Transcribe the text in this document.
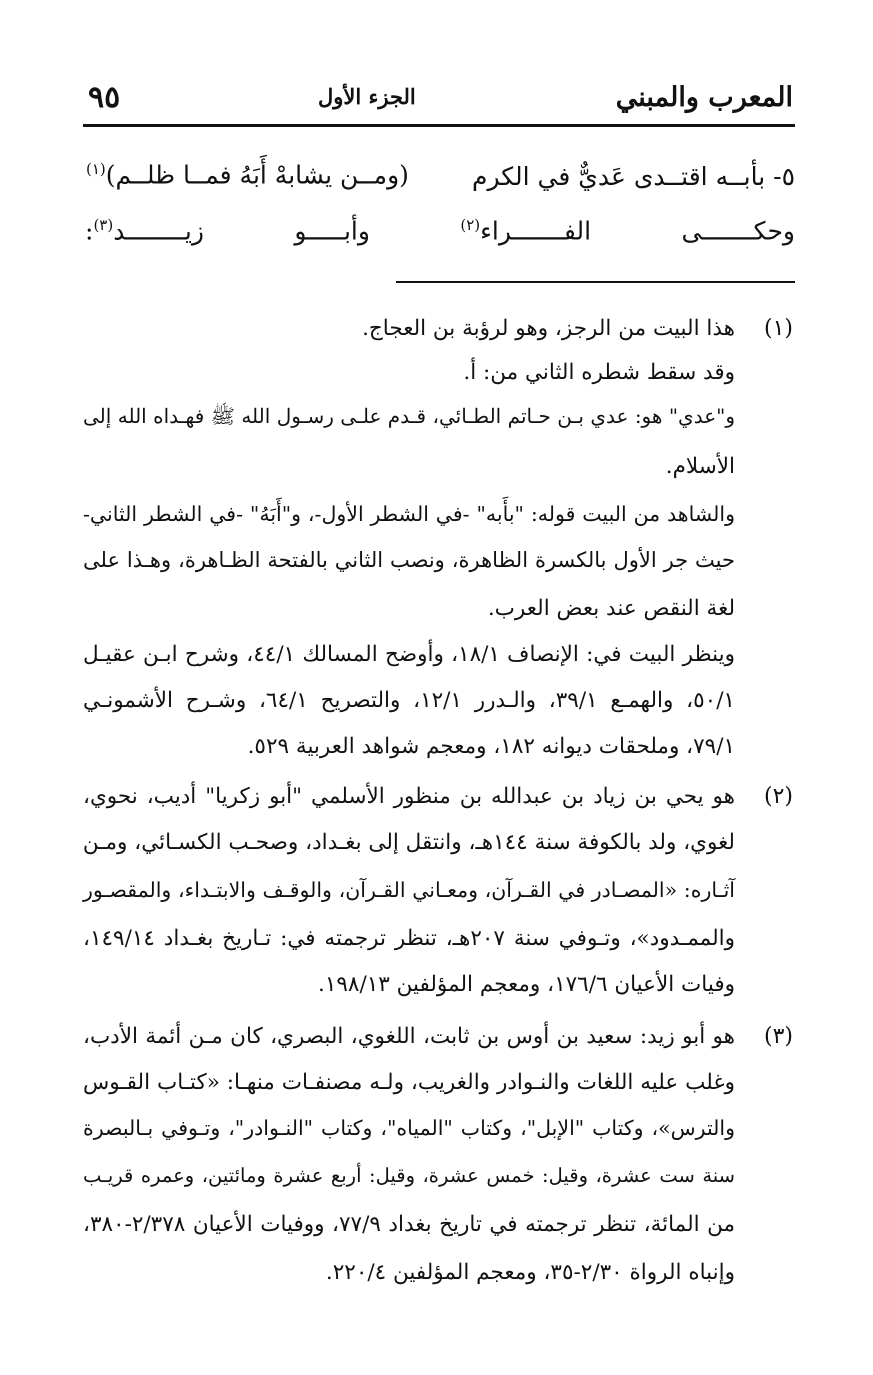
المعرب والمبني
الجزء الأول
٩٥
٥- بأبــه اقتــدى عَديٌّ في الكرم
(ومــن يشابهْ أَبَهُ فمــا ظلــم)$^{(١)}$
وحكـــــــى الفـــــــراء$^{(٢)}$ وأبـــــو زيــــــــد$^{(٣)}$:
(١)
هذا البيت من الرجز، وهو لرؤبة بن العجاج.
وقد سقط شطره الثاني من: أ.
و"عدي" هو: عدي بـن حـاتم الطـائي، قـدم علـى رسـول الله ﷺ فهـداه الله إلى
الأسلام.
والشاهد من البيت قوله: "بأَبه" -في الشطر الأول-، و"أَبَهُ" -في الشطر الثاني-
حيث جر الأول بالكسرة الظاهرة، ونصب الثاني بالفتحة الظـاهرة، وهـذا على
لغة النقص عند بعض العرب.
وينظر البيت في: الإنصاف ١٨/١، وأوضح المسالك ٤٤/١، وشرح ابـن عقيـل
٥٠/١، والهمـع ٣٩/١، والـدرر ١٢/١، والتصريح ٦٤/١، وشـرح الأشمونـي
٧٩/١، وملحقات ديوانه ١٨٢، ومعجم شواهد العربية ٥٢٩.
(٢)
هو يحي بن زياد بن عبدالله بن منظور الأسلمي "أبو زكريا" أديب، نحوي،
لغوي، ولد بالكوفة سنة ١٤٤هـ، وانتقل إلى بغـداد، وصحـب الكسـائي، ومـن
آثـاره: «المصـادر في القـرآن، ومعـاني القـرآن، والوقـف والابتـداء، والمقصـور
والممـدود»، وتـوفي سنة ٢٠٧هـ، تنظر ترجمته في: تـاريخ بغـداد ١٤٩/١٤،
وفيات الأعيان ١٧٦/٦، ومعجم المؤلفين ١٩٨/١٣.
(٣)
هو أبو زيد: سعيد بن أوس بن ثابت، اللغوي، البصري، كان مـن أئمة الأدب،
وغلب عليه اللغات والنـوادر والغريب، ولـه مصنفـات منهـا: «كتـاب القـوس
والترس»، وكتاب "الإبل"، وكتاب "المياه"، وكتاب "النـوادر"، وتـوفي بـالبصرة
سنة ست عشرة، وقيل: خمس عشرة، وقيل: أربع عشرة ومائتين، وعمره قريـب
من المائة، تنظر ترجمته في تاريخ بغداد ٧٧/٩، ووفيات الأعيان ٢/٣٧٨-٣٨٠،
وإنباه الرواة ٢/٣٠-٣٥، ومعجم المؤلفين ٢٢٠/٤.
